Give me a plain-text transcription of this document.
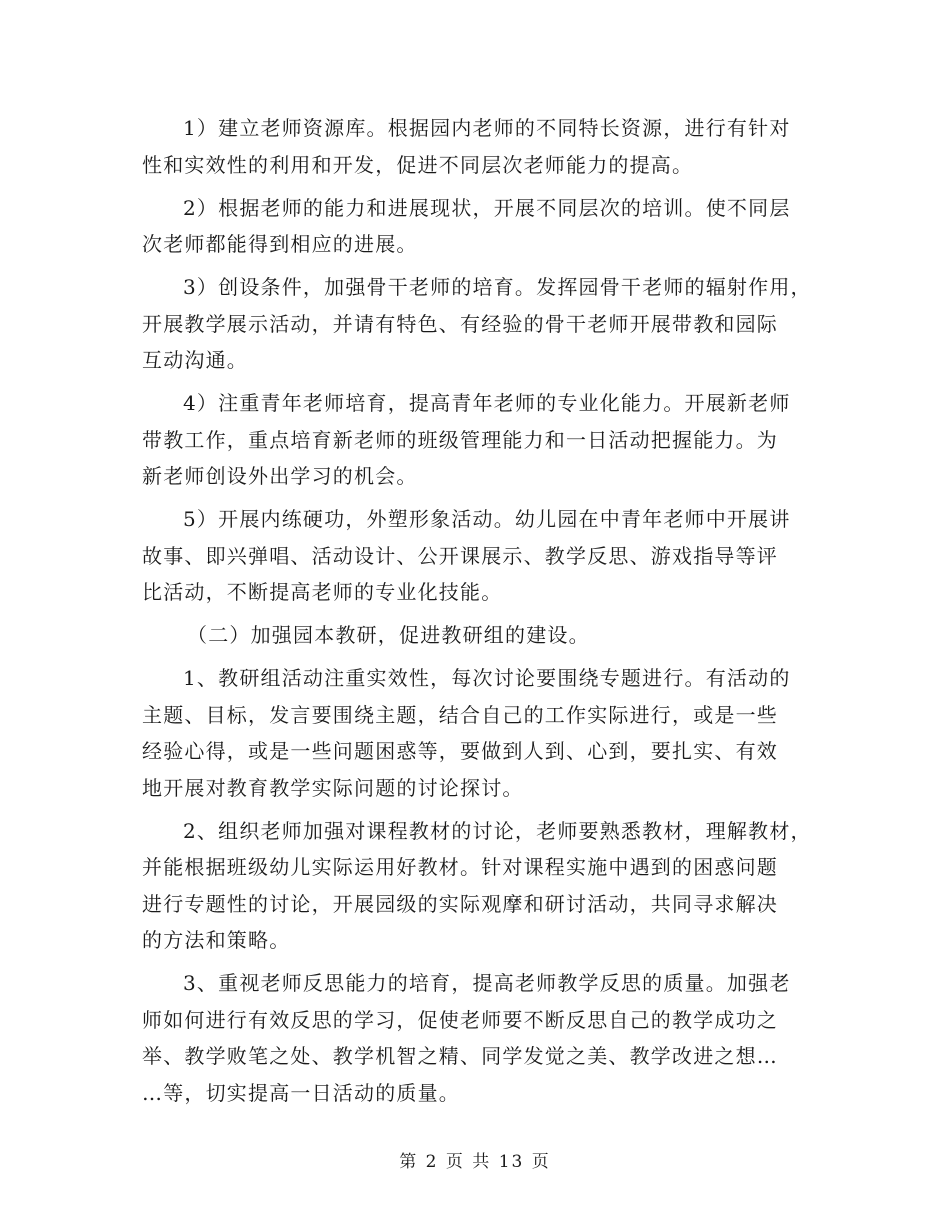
1）建立老师资源库。根据园内老师的不同特长资源，进行有针对
性和实效性的利用和开发，促进不同层次老师能力的提高。

2）根据老师的能力和进展现状，开展不同层次的培训。使不同层
次老师都能得到相应的进展。

3）创设条件，加强骨干老师的培育。发挥园骨干老师的辐射作用，
开展教学展示活动，并请有特色、有经验的骨干老师开展带教和园际
互动沟通。

4）注重青年老师培育，提高青年老师的专业化能力。开展新老师
带教工作，重点培育新老师的班级管理能力和一日活动把握能力。为
新老师创设外出学习的机会。

5）开展内练硬功，外塑形象活动。幼儿园在中青年老师中开展讲
故事、即兴弹唱、活动设计、公开课展示、教学反思、游戏指导等评
比活动，不断提高老师的专业化技能。

（二）加强园本教研，促进教研组的建设。

1、教研组活动注重实效性，每次讨论要围绕专题进行。有活动的
主题、目标，发言要围绕主题，结合自己的工作实际进行，或是一些
经验心得，或是一些问题困惑等，要做到人到、心到，要扎实、有效
地开展对教育教学实际问题的讨论探讨。

2、组织老师加强对课程教材的讨论，老师要熟悉教材，理解教材，
并能根据班级幼儿实际运用好教材。针对课程实施中遇到的困惑问题
进行专题性的讨论，开展园级的实际观摩和研讨活动，共同寻求解决
的方法和策略。

3、重视老师反思能力的培育，提高老师教学反思的质量。加强老
师如何进行有效反思的学习，促使老师要不断反思自己的教学成功之
举、教学败笔之处、教学机智之精、同学发觉之美、教学改进之想…
…等，切实提高一日活动的质量。

第 2 页 共 13 页
